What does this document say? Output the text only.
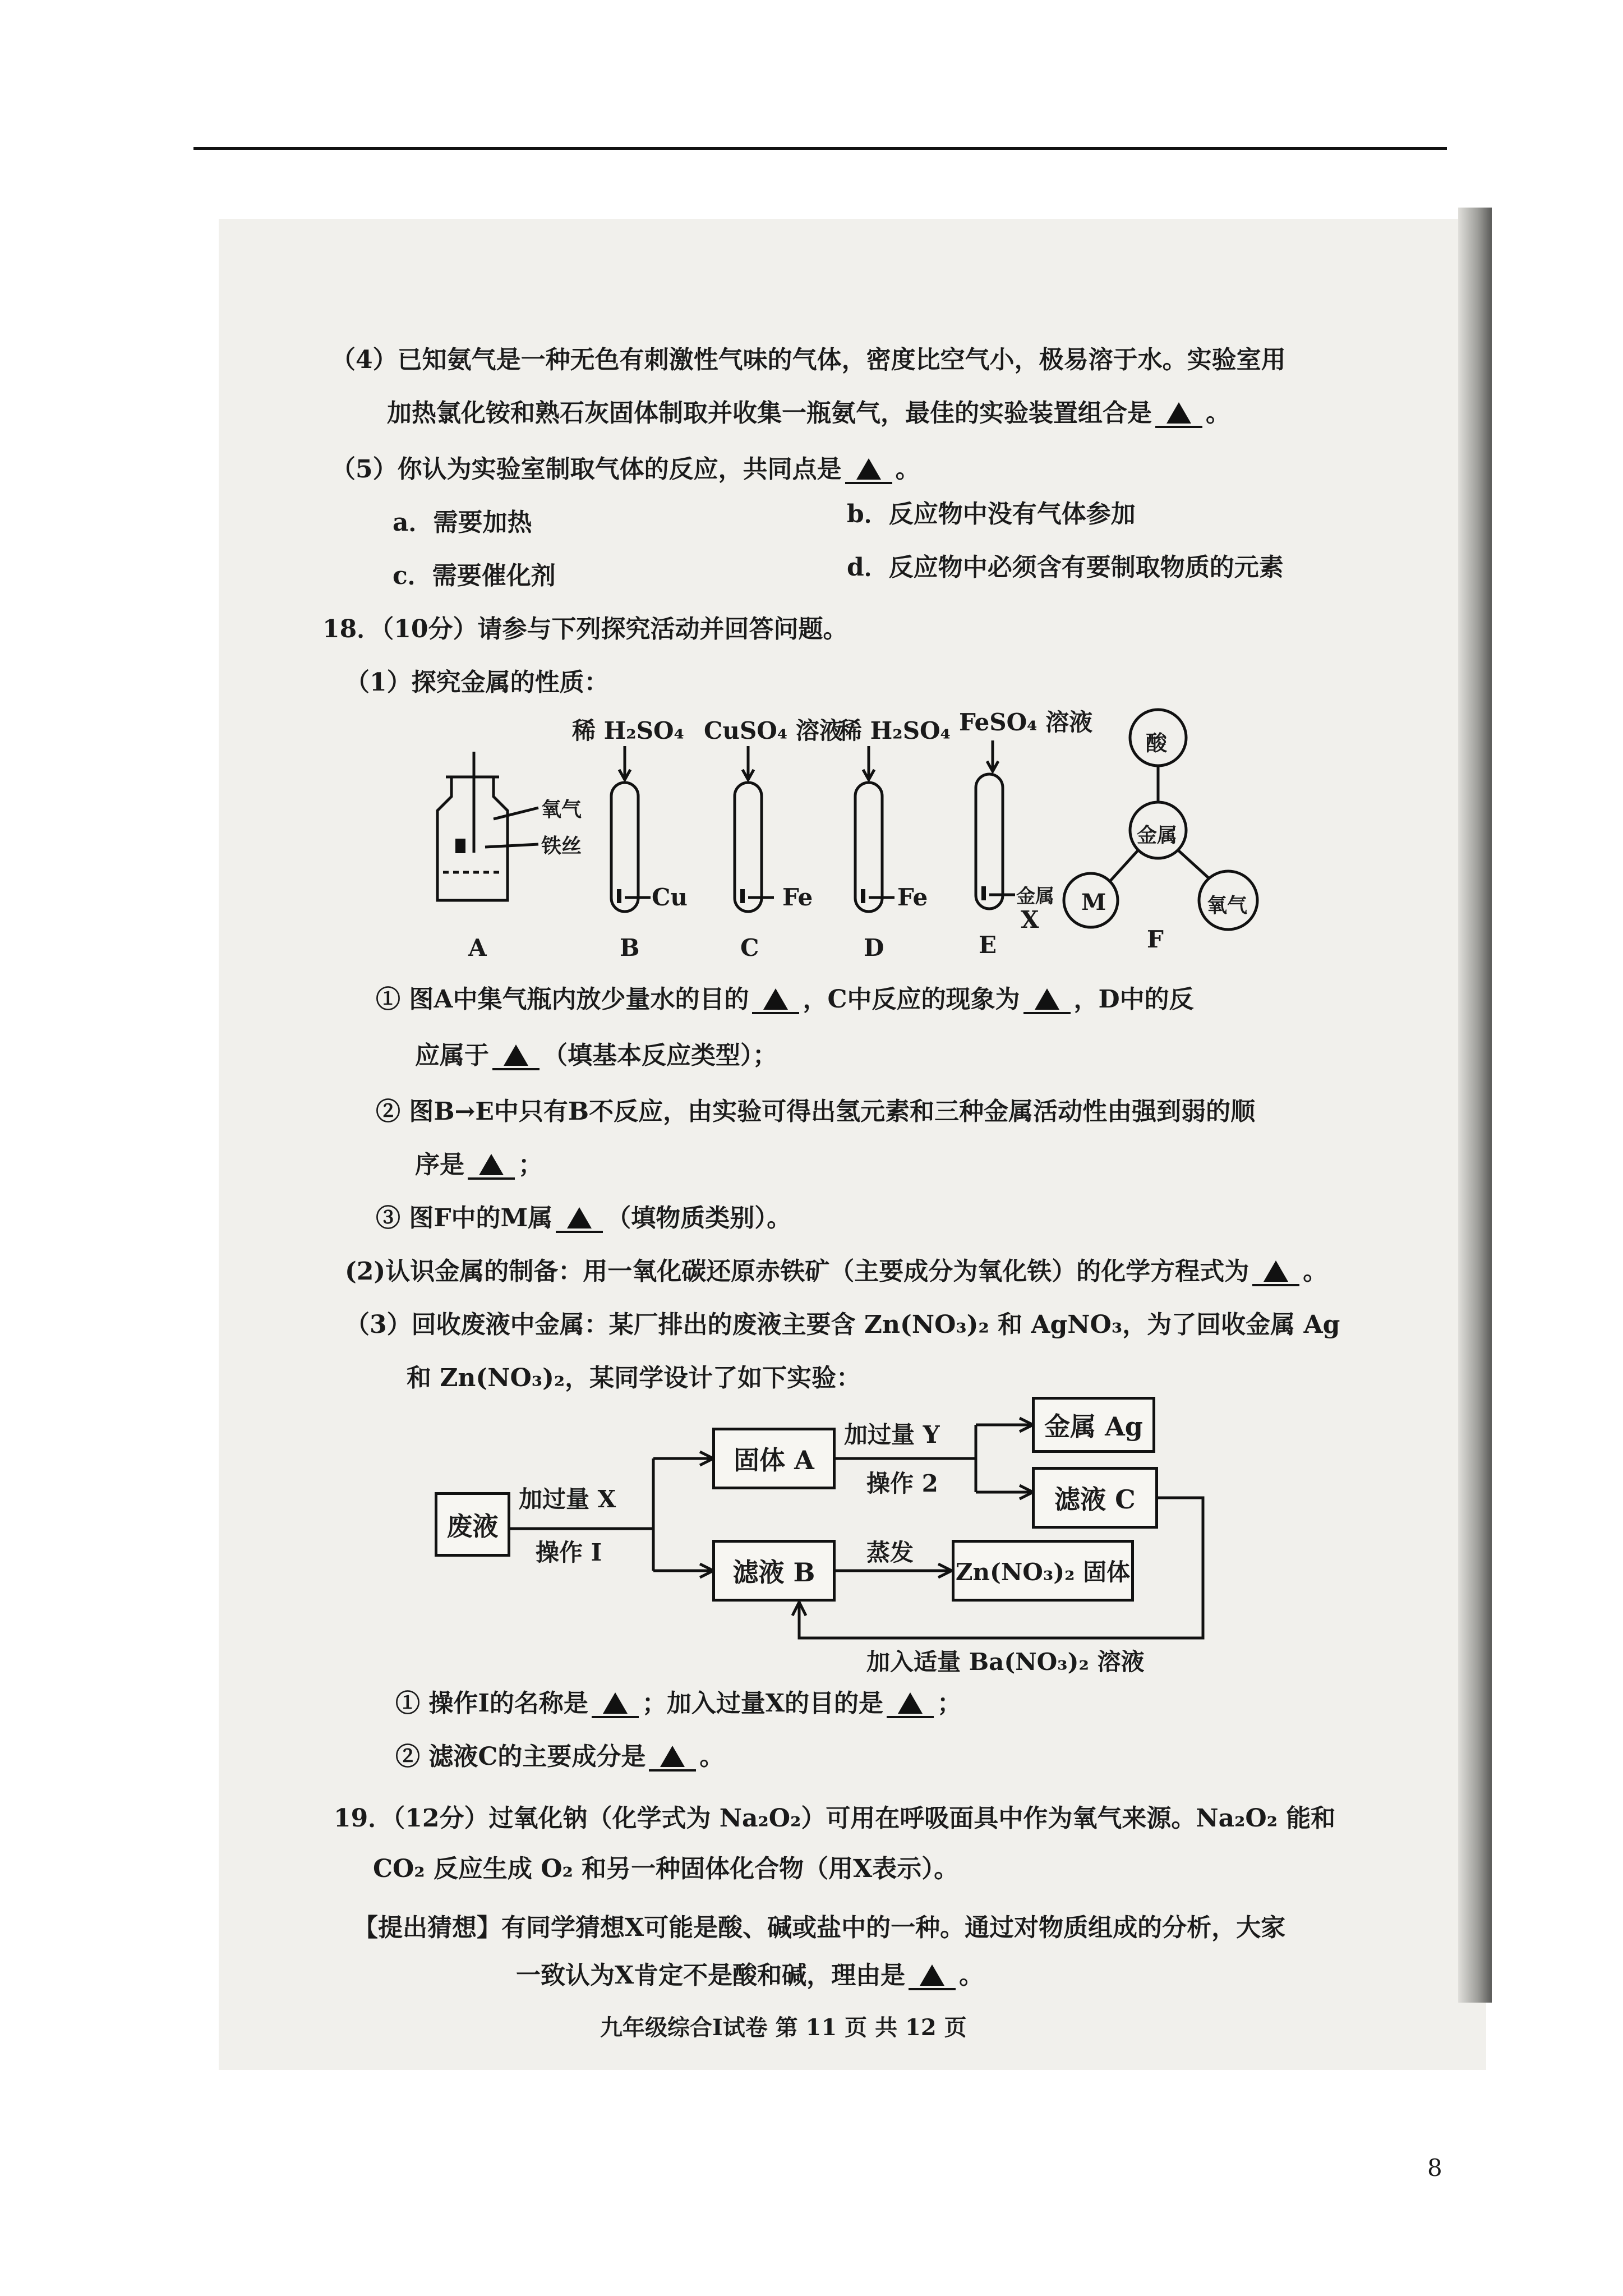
（4）已知氨气是一种无色有刺激性气味的气体，密度比空气小，极易溶于水。实验室用
加热氯化铵和熟石灰固体制取并收集一瓶氨气，最佳的实验装置组合是 。
（5）你认为实验室制取气体的反应，共同点是 。
a．需要加热	b．反应物中没有气体参加
c．需要催化剂	d．反应物中必须含有要制取物质的元素
18．（10分）请参与下列探究活动并回答问题。
（1）探究金属的性质：
稀 H₂SO₄ CuSO₄ 溶液
稀 H₂SO₄ FeSO₄ 溶液
氧气
铁丝
Cu	Fe	Fe	金属
X
A	B	C	D	E	F
酸
金属
M	氧气
① 图A中集气瓶内放少量水的目的 ，C中反应的现象为 ，D中的反
应属于 （填基本反应类型）；
② 图B→E中只有B不反应，由实验可得出氢元素和三种金属活动性由强到弱的顺
序是 ；
③ 图F中的M属 （填物质类别）。
(2)认识金属的制备：用一氧化碳还原赤铁矿（主要成分为氧化铁）的化学方程式为 。
（3）回收废液中金属：某厂排出的废液主要含 Zn(NO₃)₂ 和 AgNO₃，为了回收金属 Ag
和 Zn(NO₃)₂，某同学设计了如下实验：
废液
固体 A
金属 Ag
滤液 C
滤液 B	Zn(NO₃)₂ 固体
加过量 X
操作 I
加过量 Y
操作 2
蒸发
加入适量 Ba(NO₃)₂ 溶液
① 操作I的名称是 ；加入过量X的目的是 ；
② 滤液C的主要成分是 。
19．（12分）过氧化钠（化学式为 Na₂O₂）可用在呼吸面具中作为氧气来源。Na₂O₂ 能和
CO₂ 反应生成 O₂ 和另一种固体化合物（用X表示）。
【提出猜想】有同学猜想X可能是酸、碱或盐中的一种。通过对物质组成的分析，大家
一致认为X肯定不是酸和碱，理由是 。
九年级综合I试卷 第 11 页 共 12 页
8
